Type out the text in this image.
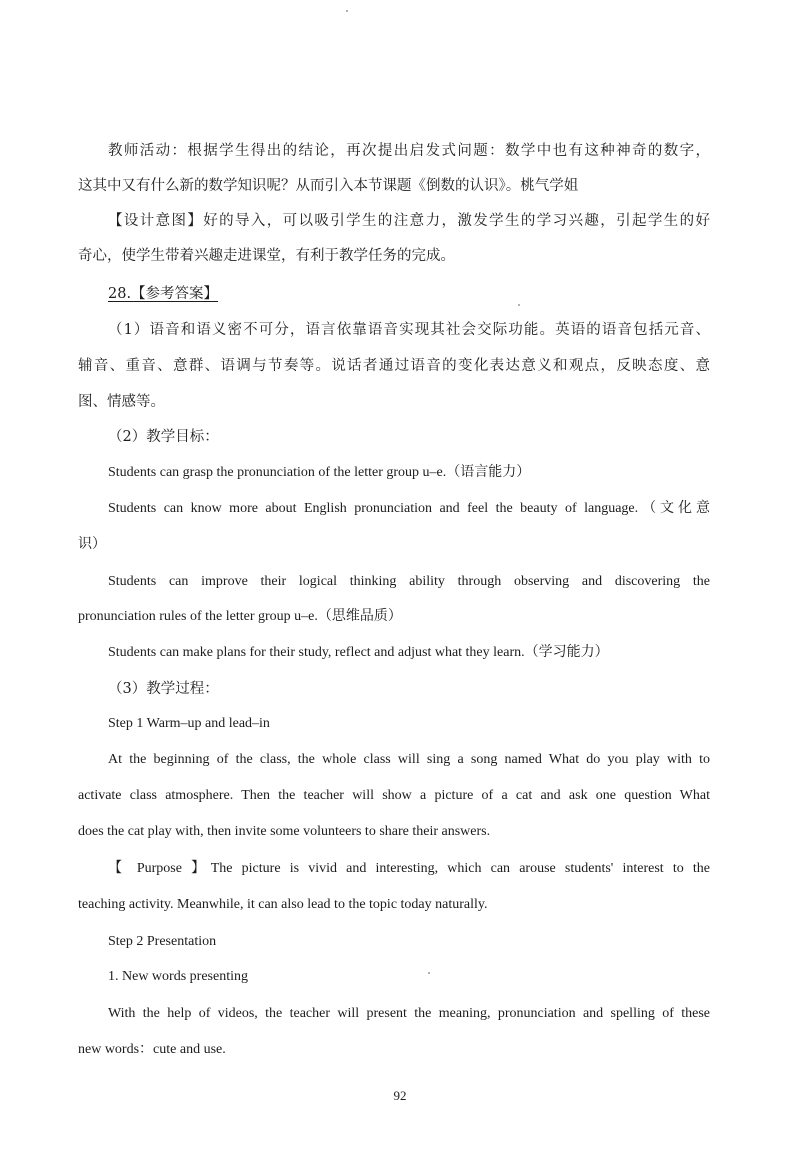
教师活动：根据学生得出的结论，再次提出启发式问题：数学中也有这种神奇的数字，
这其中又有什么新的数学知识呢？从而引入本节课题《倒数的认识》。桃气学姐
【设计意图】好的导入，可以吸引学生的注意力，激发学生的学习兴趣，引起学生的好
奇心，使学生带着兴趣走进课堂，有利于教学任务的完成。
28.【参考答案】
（1）语音和语义密不可分，语言依靠语音实现其社会交际功能。英语的语音包括元音、
辅音、重音、意群、语调与节奏等。说话者通过语音的变化表达意义和观点，反映态度、意
图、情感等。
（2）教学目标：
Students can grasp the pronunciation of the letter group u–e.（语言能力）
Students can know more about English pronunciation and feel the beauty of language.（文化意
识）
Students can improve their logical thinking ability through observing and discovering the
pronunciation rules of the letter group u–e.（思维品质）
Students can make plans for their study, reflect and adjust what they learn.（学习能力）
（3）教学过程：
Step 1 Warm–up and lead–in
At the beginning of the class, the whole class will sing a song named What do you play with to
activate class atmosphere. Then the teacher will show a picture of a cat and ask one question What
does the cat play with, then invite some volunteers to share their answers.
【 Purpose 】The picture is vivid and interesting, which can arouse students' interest to the
teaching activity. Meanwhile, it can also lead to the topic today naturally.
Step 2 Presentation
1. New words presenting
With the help of videos, the teacher will present the meaning, pronunciation and spelling of these
new words：cute and use.
92
